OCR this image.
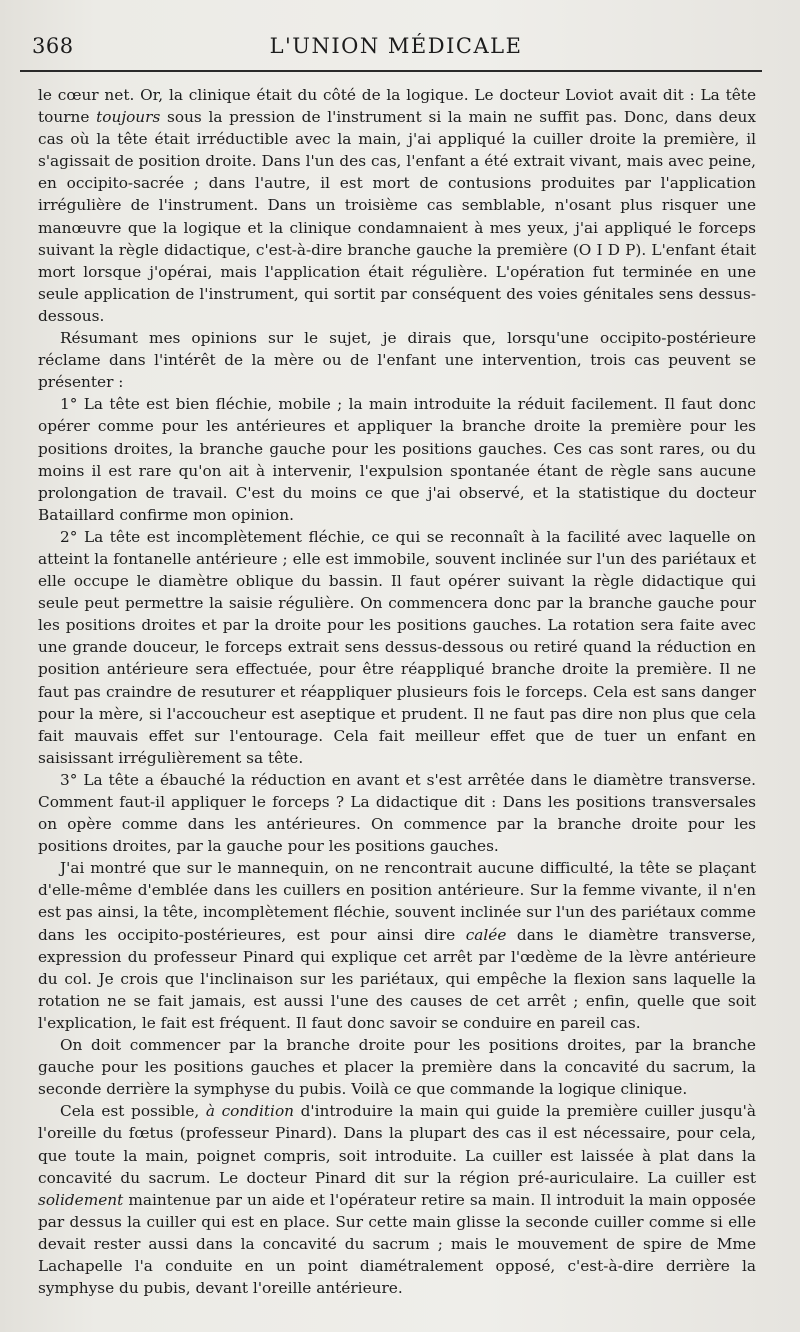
368	L'UNION MÉDICALE

le cœur net. Or, la clinique était du côté de la logique. Le docteur Loviot avait dit : La tête tourne toujours sous la pression de l'instrument si la main ne suffit pas. Donc, dans deux cas où la tête était irréductible avec la main, j'ai appliqué la cuiller droite la première, il s'agissait de position droite. Dans l'un des cas, l'enfant a été extrait vivant, mais avec peine, en occipito-sacrée ; dans l'autre, il est mort de contusions produites par l'application irrégulière de l'instrument. Dans un troisième cas semblable, n'osant plus risquer une manœuvre que la logique et la clinique condamnaient à mes yeux, j'ai appliqué le forceps suivant la règle didactique, c'est-à-dire branche gauche la première (O I D P). L'enfant était mort lorsque j'opérai, mais l'application était régulière. L'opération fut terminée en une seule application de l'instrument, qui sortit par conséquent des voies génitales sens dessus-dessous.

Résumant mes opinions sur le sujet, je dirais que, lorsqu'une occipito-postérieure réclame dans l'intérêt de la mère ou de l'enfant une intervention, trois cas peuvent se présenter :

1° La tête est bien fléchie, mobile ; la main introduite la réduit facilement. Il faut donc opérer comme pour les antérieures et appliquer la branche droite la première pour les positions droites, la branche gauche pour les positions gauches. Ces cas sont rares, ou du moins il est rare qu'on ait à intervenir, l'expulsion spontanée étant de règle sans aucune prolongation de travail. C'est du moins ce que j'ai observé, et la statistique du docteur Bataillard confirme mon opinion.

2° La tête est incomplètement fléchie, ce qui se reconnaît à la facilité avec laquelle on atteint la fontanelle antérieure ; elle est immobile, souvent inclinée sur l'un des pariétaux et elle occupe le diamètre oblique du bassin. Il faut opérer suivant la règle didactique qui seule peut permettre la saisie régulière. On commencera donc par la branche gauche pour les positions droites et par la droite pour les positions gauches. La rotation sera faite avec une grande douceur, le forceps extrait sens dessus-dessous ou retiré quand la réduction en position antérieure sera effectuée, pour être réappliqué branche droite la première. Il ne faut pas craindre de resuturer et réappliquer plusieurs fois le forceps. Cela est sans danger pour la mère, si l'accoucheur est aseptique et prudent. Il ne faut pas dire non plus que cela fait mauvais effet sur l'entourage. Cela fait meilleur effet que de tuer un enfant en saisissant irrégulièrement sa tête.

3° La tête a ébauché la réduction en avant et s'est arrêtée dans le diamètre transverse. Comment faut-il appliquer le forceps ? La didactique dit : Dans les positions transversales on opère comme dans les antérieures. On commence par la branche droite pour les positions droites, par la gauche pour les positions gauches.

J'ai montré que sur le mannequin, on ne rencontrait aucune difficulté, la tête se plaçant d'elle-même d'emblée dans les cuillers en position antérieure. Sur la femme vivante, il n'en est pas ainsi, la tête, incomplètement fléchie, souvent inclinée sur l'un des pariétaux comme dans les occipito-postérieures, est pour ainsi dire calée dans le diamètre transverse, expression du professeur Pinard qui explique cet arrêt par l'œdème de la lèvre antérieure du col. Je crois que l'inclinaison sur les pariétaux, qui empêche la flexion sans laquelle la rotation ne se fait jamais, est aussi l'une des causes de cet arrêt ; enfin, quelle que soit l'explication, le fait est fréquent. Il faut donc savoir se conduire en pareil cas.

On doit commencer par la branche droite pour les positions droites, par la branche gauche pour les positions gauches et placer la première dans la concavité du sacrum, la seconde derrière la symphyse du pubis. Voilà ce que commande la logique clinique.

Cela est possible, à condition d'introduire la main qui guide la première cuiller jusqu'à l'oreille du fœtus (professeur Pinard). Dans la plupart des cas il est nécessaire, pour cela, que toute la main, poignet compris, soit introduite. La cuiller est laissée à plat dans la concavité du sacrum. Le docteur Pinard dit sur la région pré-auriculaire. La cuiller est solidement maintenue par un aide et l'opérateur retire sa main. Il introduit la main opposée par dessus la cuiller qui est en place. Sur cette main glisse la seconde cuiller comme si elle devait rester aussi dans la concavité du sacrum ; mais le mouvement de spire de Mme Lachapelle l'a conduite en un point diamétralement opposé, c'est-à-dire derrière la symphyse du pubis, devant l'oreille antérieure.
